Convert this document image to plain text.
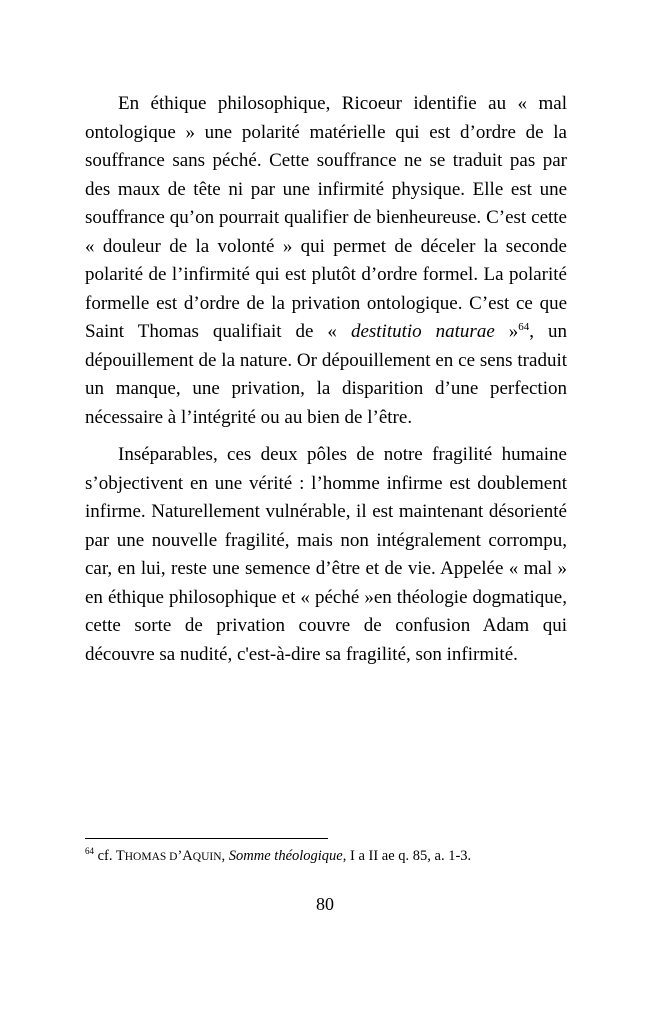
En éthique philosophique, Ricoeur identifie au « mal ontologique » une polarité matérielle qui est d’ordre de la souffrance sans péché. Cette souffrance ne se traduit pas par des maux de tête ni par une infirmité physique. Elle est une souffrance qu’on pourrait qualifier de bienheureuse. C’est cette « douleur de la volonté » qui permet de déceler la seconde polarité de l’infirmité qui est plutôt d’ordre formel. La polarité formelle est d’ordre de la privation ontologique. C’est ce que Saint Thomas qualifiait de « destitutio naturae »$^{64}$, un dépouillement de la nature. Or dépouillement en ce sens traduit un manque, une privation, la disparition d’une perfection nécessaire à l’intégrité ou au bien de l’être.

Inséparables, ces deux pôles de notre fragilité humaine s’objectivent en une vérité : l’homme infirme est doublement infirme. Naturellement vulnérable, il est maintenant désorienté par une nouvelle fragilité, mais non intégralement corrompu, car, en lui, reste une semence d’être et de vie. Appelée « mal » en éthique philosophique et « péché »en théologie dogmatique, cette sorte de privation couvre de confusion Adam qui découvre sa nudité, c'est-à-dire sa fragilité, son infirmité.

$^{64}$ cf. THOMAS D’AQUIN, Somme théologique, I a II ae q. 85, a. 1-3.
80
